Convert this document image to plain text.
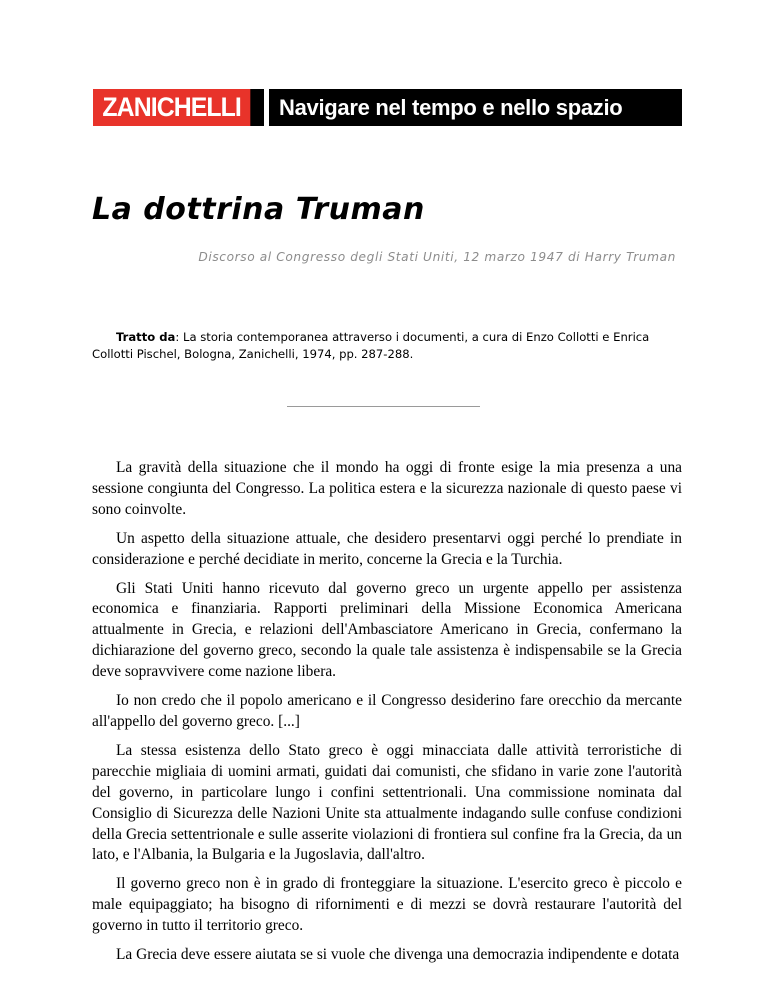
ZANICHELLI	Navigare nel tempo e nello spazio
La dottrina Truman

Discorso al Congresso degli Stati Uniti, 12 marzo 1947 di Harry Truman

Tratto da: La storia contemporanea attraverso i documenti, a cura di Enzo Collotti e Enrica Collotti Pischel, Bologna, Zanichelli, 1974, pp. 287-288.

La gravità della situazione che il mondo ha oggi di fronte esige la mia presenza a una sessione congiunta del Congresso. La politica estera e la sicurezza nazionale di questo paese vi sono coinvolte.

Un aspetto della situazione attuale, che desidero presentarvi oggi perché lo prendiate in considerazione e perché decidiate in merito, concerne la Grecia e la Turchia.

Gli Stati Uniti hanno ricevuto dal governo greco un urgente appello per assistenza economica e finanziaria. Rapporti preliminari della Missione Economica Americana attualmente in Grecia, e relazioni dell'Ambasciatore Americano in Grecia, confermano la dichiarazione del governo greco, secondo la quale tale assistenza è indispensabile se la Grecia deve sopravvivere come nazione libera.

Io non credo che il popolo americano e il Congresso desiderino fare orecchio da mercante all'appello del governo greco. [...]

La stessa esistenza dello Stato greco è oggi minacciata dalle attività terroristiche di parecchie migliaia di uomini armati, guidati dai comunisti, che sfidano in varie zone l'autorità del governo, in particolare lungo i confini settentrionali. Una commissione nominata dal Consiglio di Sicurezza delle Nazioni Unite sta attualmente indagando sulle confuse condizioni della Grecia settentrionale e sulle asserite violazioni di frontiera sul confine fra la Grecia, da un lato, e l'Albania, la Bulgaria e la Jugoslavia, dall'altro.

Il governo greco non è in grado di fronteggiare la situazione. L'esercito greco è piccolo e male equipaggiato; ha bisogno di rifornimenti e di mezzi se dovrà restaurare l'autorità del governo in tutto il territorio greco.

La Grecia deve essere aiutata se si vuole che divenga una democrazia indipendente e dotata
